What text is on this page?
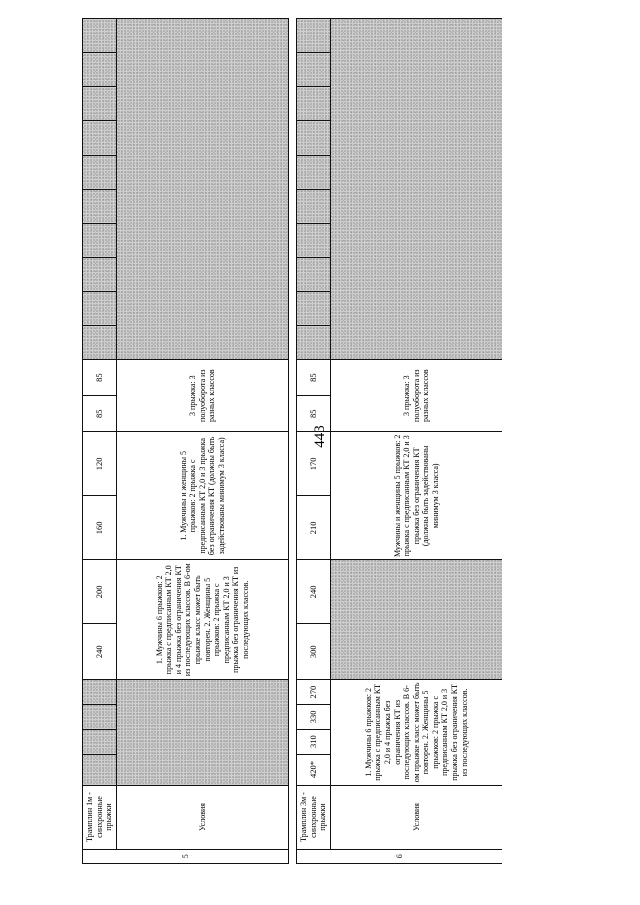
443
5	Трамплин 1м - синхронные прыжки					240	200	160	120	85	85										
	Условия					1. Мужчины 6 прыжков: 2 прыжка с предписанным КТ 2,0 и 4 прыжка без ограничения КТ из последующих классов. В 6-ом прыжке класс может быть повторен. 2. Женщины 5 прыжков: 2 прыжка с предписанным КТ 2,0 и 3 прыжка без ограничения КТ из последующих классов.		1. Мужчины и женщины 5 прыжков: 2 прыжка с предписанным КТ 2,0 и 3 прыжка без ограничения КТ (должны быть задействованы минимум 3 класса)		3 прыжка: 3 полуоборота из разных классов											

6	Трамплин 3м - синхронные прыжки	420*	310	330	270	300	240	210	170	85	85										
	Условия	1. Мужчины 6 прыжков: 2 прыжка с предписанным КТ 2,0 и 4 прыжка без ограничения КТ из последующих классов. В 6-ом прыжке класс может быть повторен. 2. Женщины 5 прыжков: 2 прыжка с предписанным КТ 2,0 и 3 прыжка без ограничения КТ из последующих классов.						Мужчины и женщины 5 прыжков: 2 прыжка с предписанным КТ 2,0 и 3 прыжка без ограничения КТ (должны быть задействованы минимум 3 класса)		3 прыжка: 3 полуоборота из разных классов											
